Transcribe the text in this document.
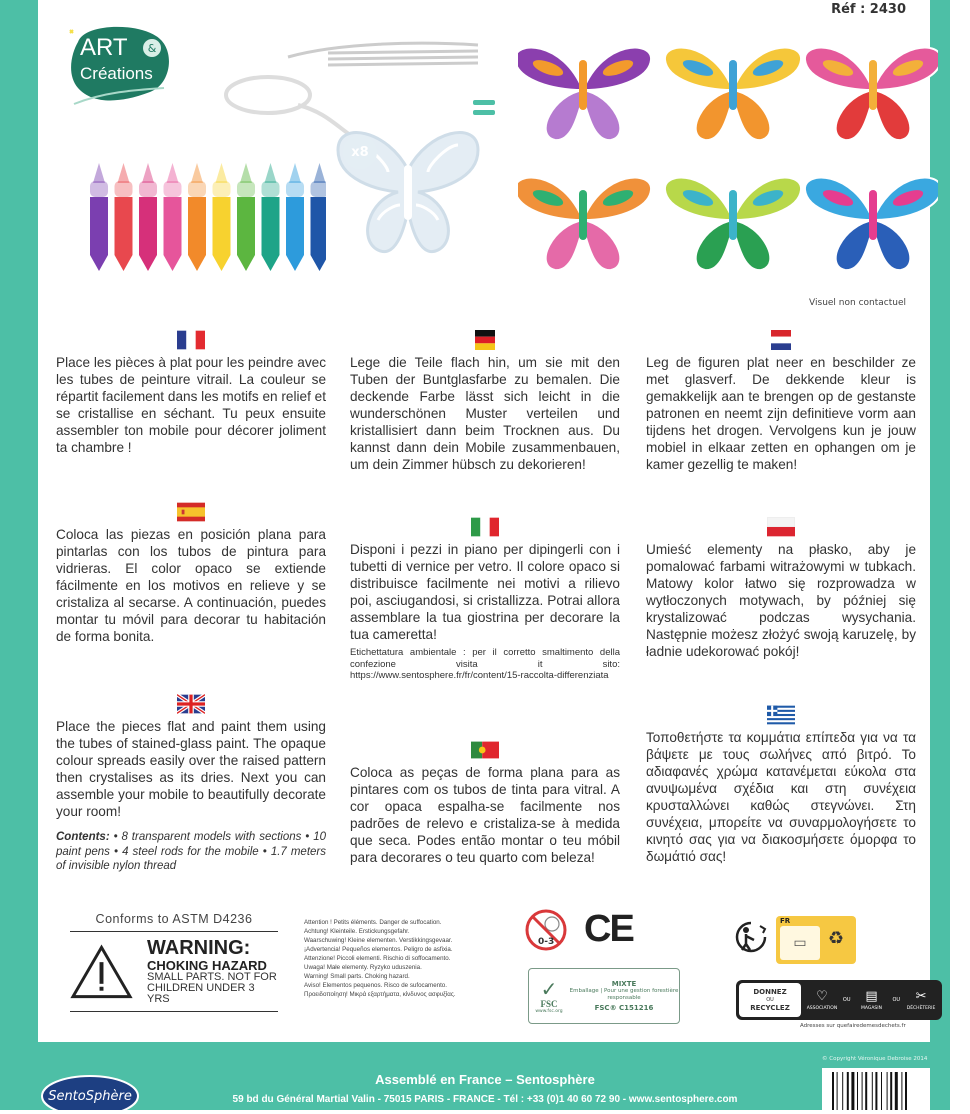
Réf : 2430
&
ART
Créations
x8
Visuel non contactuel

Place les pièces à plat pour les peindre avec les tubes de peinture vitrail. La couleur se répartit facilement dans les motifs en relief et se cristallise en séchant. Tu peux ensuite assembler ton mobile pour décorer joliment ta chambre !

Coloca las piezas en posición plana para pintarlas con los tubos de pintura para vidrieras. El color opaco se extiende fácilmente en los motivos en relieve y se cristaliza al secarse. A continuación, puedes montar tu móvil para decorar tu habitación de forma bonita.

Place the pieces flat and paint them using the tubes of stained-glass paint. The opaque colour spreads easily over the raised pattern then crystalises as its dries. Next you can assemble your mobile to beautifully decorate your room!

Contents: • 8 transparent models with sections • 10 paint pens • 4 steel rods for the mobile • 1.7 meters of invisible nylon thread

Lege die Teile flach hin, um sie mit den Tuben der Buntglasfarbe zu bemalen. Die deckende Farbe lässt sich leicht in die wunderschönen Muster verteilen und kristallisiert dann beim Trocknen aus. Du kannst dann dein Mobile zusammenbauen, um dein Zimmer hübsch zu dekorieren!

Disponi i pezzi in piano per dipingerli con i tubetti di vernice per vetro. Il colore opaco si distribuisce facilmente nei motivi a rilievo poi, asciugandosi, si cristallizza. Potrai allora assemblare la tua giostrina per decorare la tua cameretta!

Etichettatura ambientale : per il corretto smaltimento della confezione visita it sito: https://www.sentosphere.fr/fr/content/15-raccolta-differenziata

Coloca as peças de forma plana para as pintares com os tubos de tinta para vitral. A cor opaca espalha-se facilmente nos padrões de relevo e cristaliza-se à medida que seca. Podes então montar o teu móbil para decorares o teu quarto com beleza!

Leg de figuren plat neer en beschilder ze met glasverf. De dekkende kleur is gemakkelijk aan te brengen op de gestanste patronen en neemt zijn definitieve vorm aan tijdens het drogen. Vervolgens kun je jouw mobiel in elkaar zetten en ophangen om je kamer gezellig te maken!

Umieść elementy na płasko, aby je pomalować farbami witrażowymi w tubkach. Matowy kolor łatwo się rozprowadza w wytłoczonych motywach, by później się krystalizować podczas wysychania. Następnie możesz złożyć swoją karuzelę, by ładnie udekorować pokój!

Τοποθετήστε τα κομμάτια επίπεδα για να τα βάψετε με τους σωλήνες από βιτρό. Το αδιαφανές χρώμα κατανέμεται εύκολα στα ανυψωμένα σχέδια και στη συνέχεια κρυσταλλώνει καθώς στεγνώνει. Στη συνέχεια, μπορείτε να συναρμολογήσετε το κινητό σας για να διακοσμήσετε όμορφα το δωμάτιό σας!

Conforms to ASTM D4236
WARNING:
CHOKING HAZARD
SMALL PARTS. NOT FOR
CHILDREN UNDER 3 YRS
Attention ! Petits éléments. Danger de suffocation.
Achtung! Kleinteile. Erstickungsgefahr.
Waarschuwing! Kleine elementen. Verstikkingsgevaar.
¡Advertencia! Pequeños elementos. Peligro de asfixia.
Attenzione! Piccoli elementi. Rischio di soffocamento.
Uwaga! Małe elementy. Ryzyko uduszenia.
Warning! Small parts. Choking hazard.
Aviso! Elementos pequenos. Risco de sufocamento.
Προειδοποίηση! Μικρά εξαρτήματα, κίνδυνος ασφυξίας.
0-3 CE
✓
FSC
www.fsc.org
MIXTE
Emballage | Pour une gestion forestière responsable
FSC® C151216
FR
▭	♻
DONNEZ
OU
RECYCLEZ
♡
ASSOCIATION
OU ▤
MAGASIN
OU ✂
DÉCHÈTERIE
Adresses sur quefairedemesdechets.fr
SentoSphère
Assemblé en France – Sentosphère
59 bd du Général Martial Valin - 75015 PARIS - FRANCE - Tél : +33 (0)1 40 60 72 90 - www.sentosphere.com
© Copyright Véronique Debroise 2014
